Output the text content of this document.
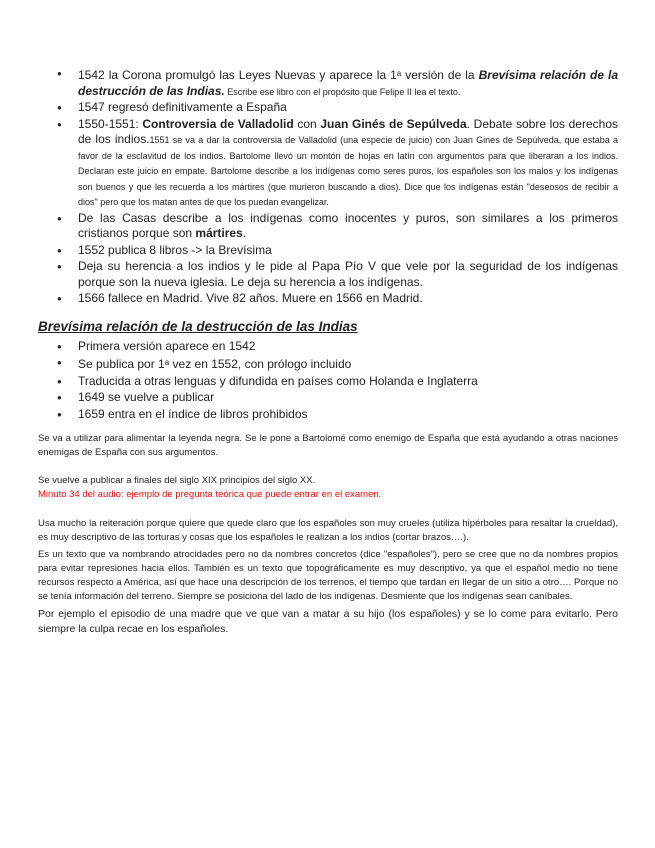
● 1542 la Corona promulgó las Leyes Nuevas y aparece la 1$^a$ versión de la Brevísima relación de la destrucción de las Indias. Escribe ese libro con el propósito que Felipe II lea el texto.
● 1547 regresó definitivamente a España
● 1550-1551: Controversia de Valladolid con Juan Ginés de Sepúlveda. Debate sobre los derechos de los indios.1551 se va a dar la controversia de Valladolid (una especie de juicio) con Juan Gines de Sepúlveda, que estaba a favor de la esclavitud de los indios. Bartolome llevó un montón de hojas en latín con argumentos para que liberaran a los indios. Declaran este juicio en empate. Bartolome describe a los indígenas como seres puros, los españoles son los malos y los indígenas son buenos y que les recuerda a los mártires (que murieron buscando a dios). Dice que los indígenas están "deseosos de recibir a dios" pero que los matan antes de que los puedan evangelizar.
● De las Casas describe a los indígenas como inocentes y puros, son similares a los primeros cristianos porque son mártires.
● 1552 publica 8 libros -> la Brevísima
● Deja su herencia a los indios y le pide al Papa Pío V que vele por la seguridad de los indígenas porque son la nueva iglesia. Le deja su herencia a los indígenas.
● 1566 fallece en Madrid. Vive 82 años. Muere en 1566 en Madrid.
Brevísima relación de la destrucción de las Indias
● Primera versión aparece en 1542
● Se publica por 1$^a$ vez en 1552, con prólogo incluido
● Traducida a otras lenguas y difundida en países como Holanda e Inglaterra
● 1649 se vuelve a publicar
● 1659 entra en el índice de libros prohibidos

Se va a utilizar para alimentar la leyenda negra. Se le pone a Bartolomé como enemigo de España que está ayudando a otras naciones enemigas de España con sus argumentos.

Se vuelve a publicar a finales del siglo XIX principios del siglo XX.

Minuto 34 del audio: ejemplo de pregunta teórica que puede entrar en el examen.

Usa mucho la reiteración porque quiere que quede claro que los españoles son muy crueles (utiliza hipérboles para resaltar la crueldad), es muy descriptivo de las torturas y cosas que los españoles le realizan a los indios (cortar brazos….).

Es un texto que va nombrando atrocidades pero no da nombres concretos (dice "españoles"), pero se cree que no da nombres propios para evitar represiones hacia ellos. También es un texto que topográficamente es muy descriptivo, ya que el español medio no tiene recursos respecto a América, así que hace una descripción de los terrenos, el tiempo que tardan en llegar de un sitio a otro…. Porque no se tenía información del terreno. Siempre se posiciona del lado de los indígenas. Desmiente que los indígenas sean caníbales.

Por ejemplo el episodio de una madre que ve que van a matar a su hijo (los españoles) y se lo come para evitarlo. Pero siempre la culpa recae en los españoles.
